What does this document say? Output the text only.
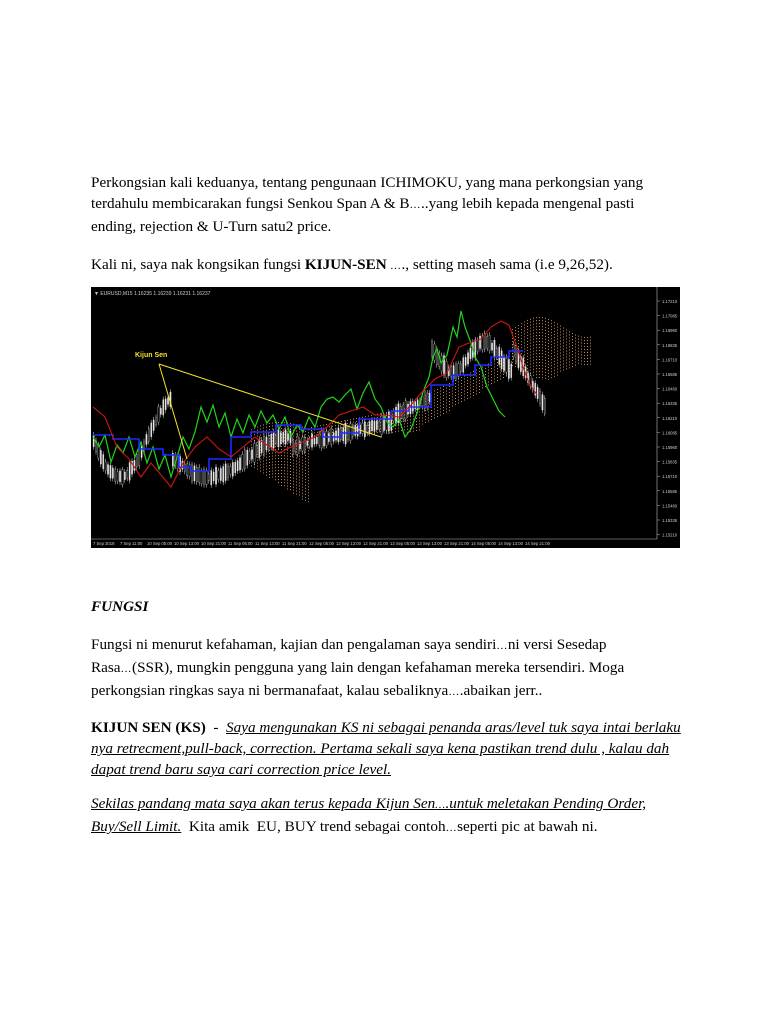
Perkongsian kali keduanya, tentang pengunaan ICHIMOKU, yang mana perkongsian yang
terdahulu membicarakan fungsi Senkou Span A & B…..yang lebih kepada mengenal pasti
ending, rejection & U-Turn satu2 price.

Kali ni, saya nak kongsikan fungsi KIJUN-SEN …., setting maseh sama (i.e 9,26,52).

▼ EURUSD,M15 1.16235 1.16239 1.16231 1.16237
1.17210
1.17085
1.16960
1.16835
1.16710
1.16585
1.16460
1.16335
1.16210
1.16085
1.15960
1.15835
1.15710
1.15585
1.15460
1.15335
1.15210
7 Sep 2018 7 Sep 11:00 10 Sep 05:00 10 Sep 13:00 10 Sep 21:00 11 Sep 05:00 11 Sep 13:00 11 Sep 21:00 12 Sep 05:00 12 Sep 13:00 12 Sep 21:00 13 Sep 05:00 13 Sep 13:00 13 Sep 21:00 14 Sep 05:00 14 Sep 13:00 14 Sep 21:00
Kijun Sen

FUNGSI

Fungsi ni menurut kefahaman, kajian dan pengalaman saya sendiri…ni versi Sesedap
Rasa…(SSR), mungkin pengguna yang lain dengan kefahaman mereka tersendiri. Moga
perkongsian ringkas saya ni bermanafaat, kalau sebaliknya….abaikan jerr..

KIJUN SEN (KS)  -  Saya mengunakan KS ni sebagai penanda aras/level tuk saya intai berlaku
nya retrecment,pull-back, correction. Pertama sekali saya kena pastikan trend dulu , kalau dah
dapat trend baru saya cari correction price level.

Sekilas pandang mata saya akan terus kepada Kijun Sen….untuk meletakan Pending Order,
Buy/Sell Limit.  Kita amik  EU, BUY trend sebagai contoh…seperti pic at bawah ni.
